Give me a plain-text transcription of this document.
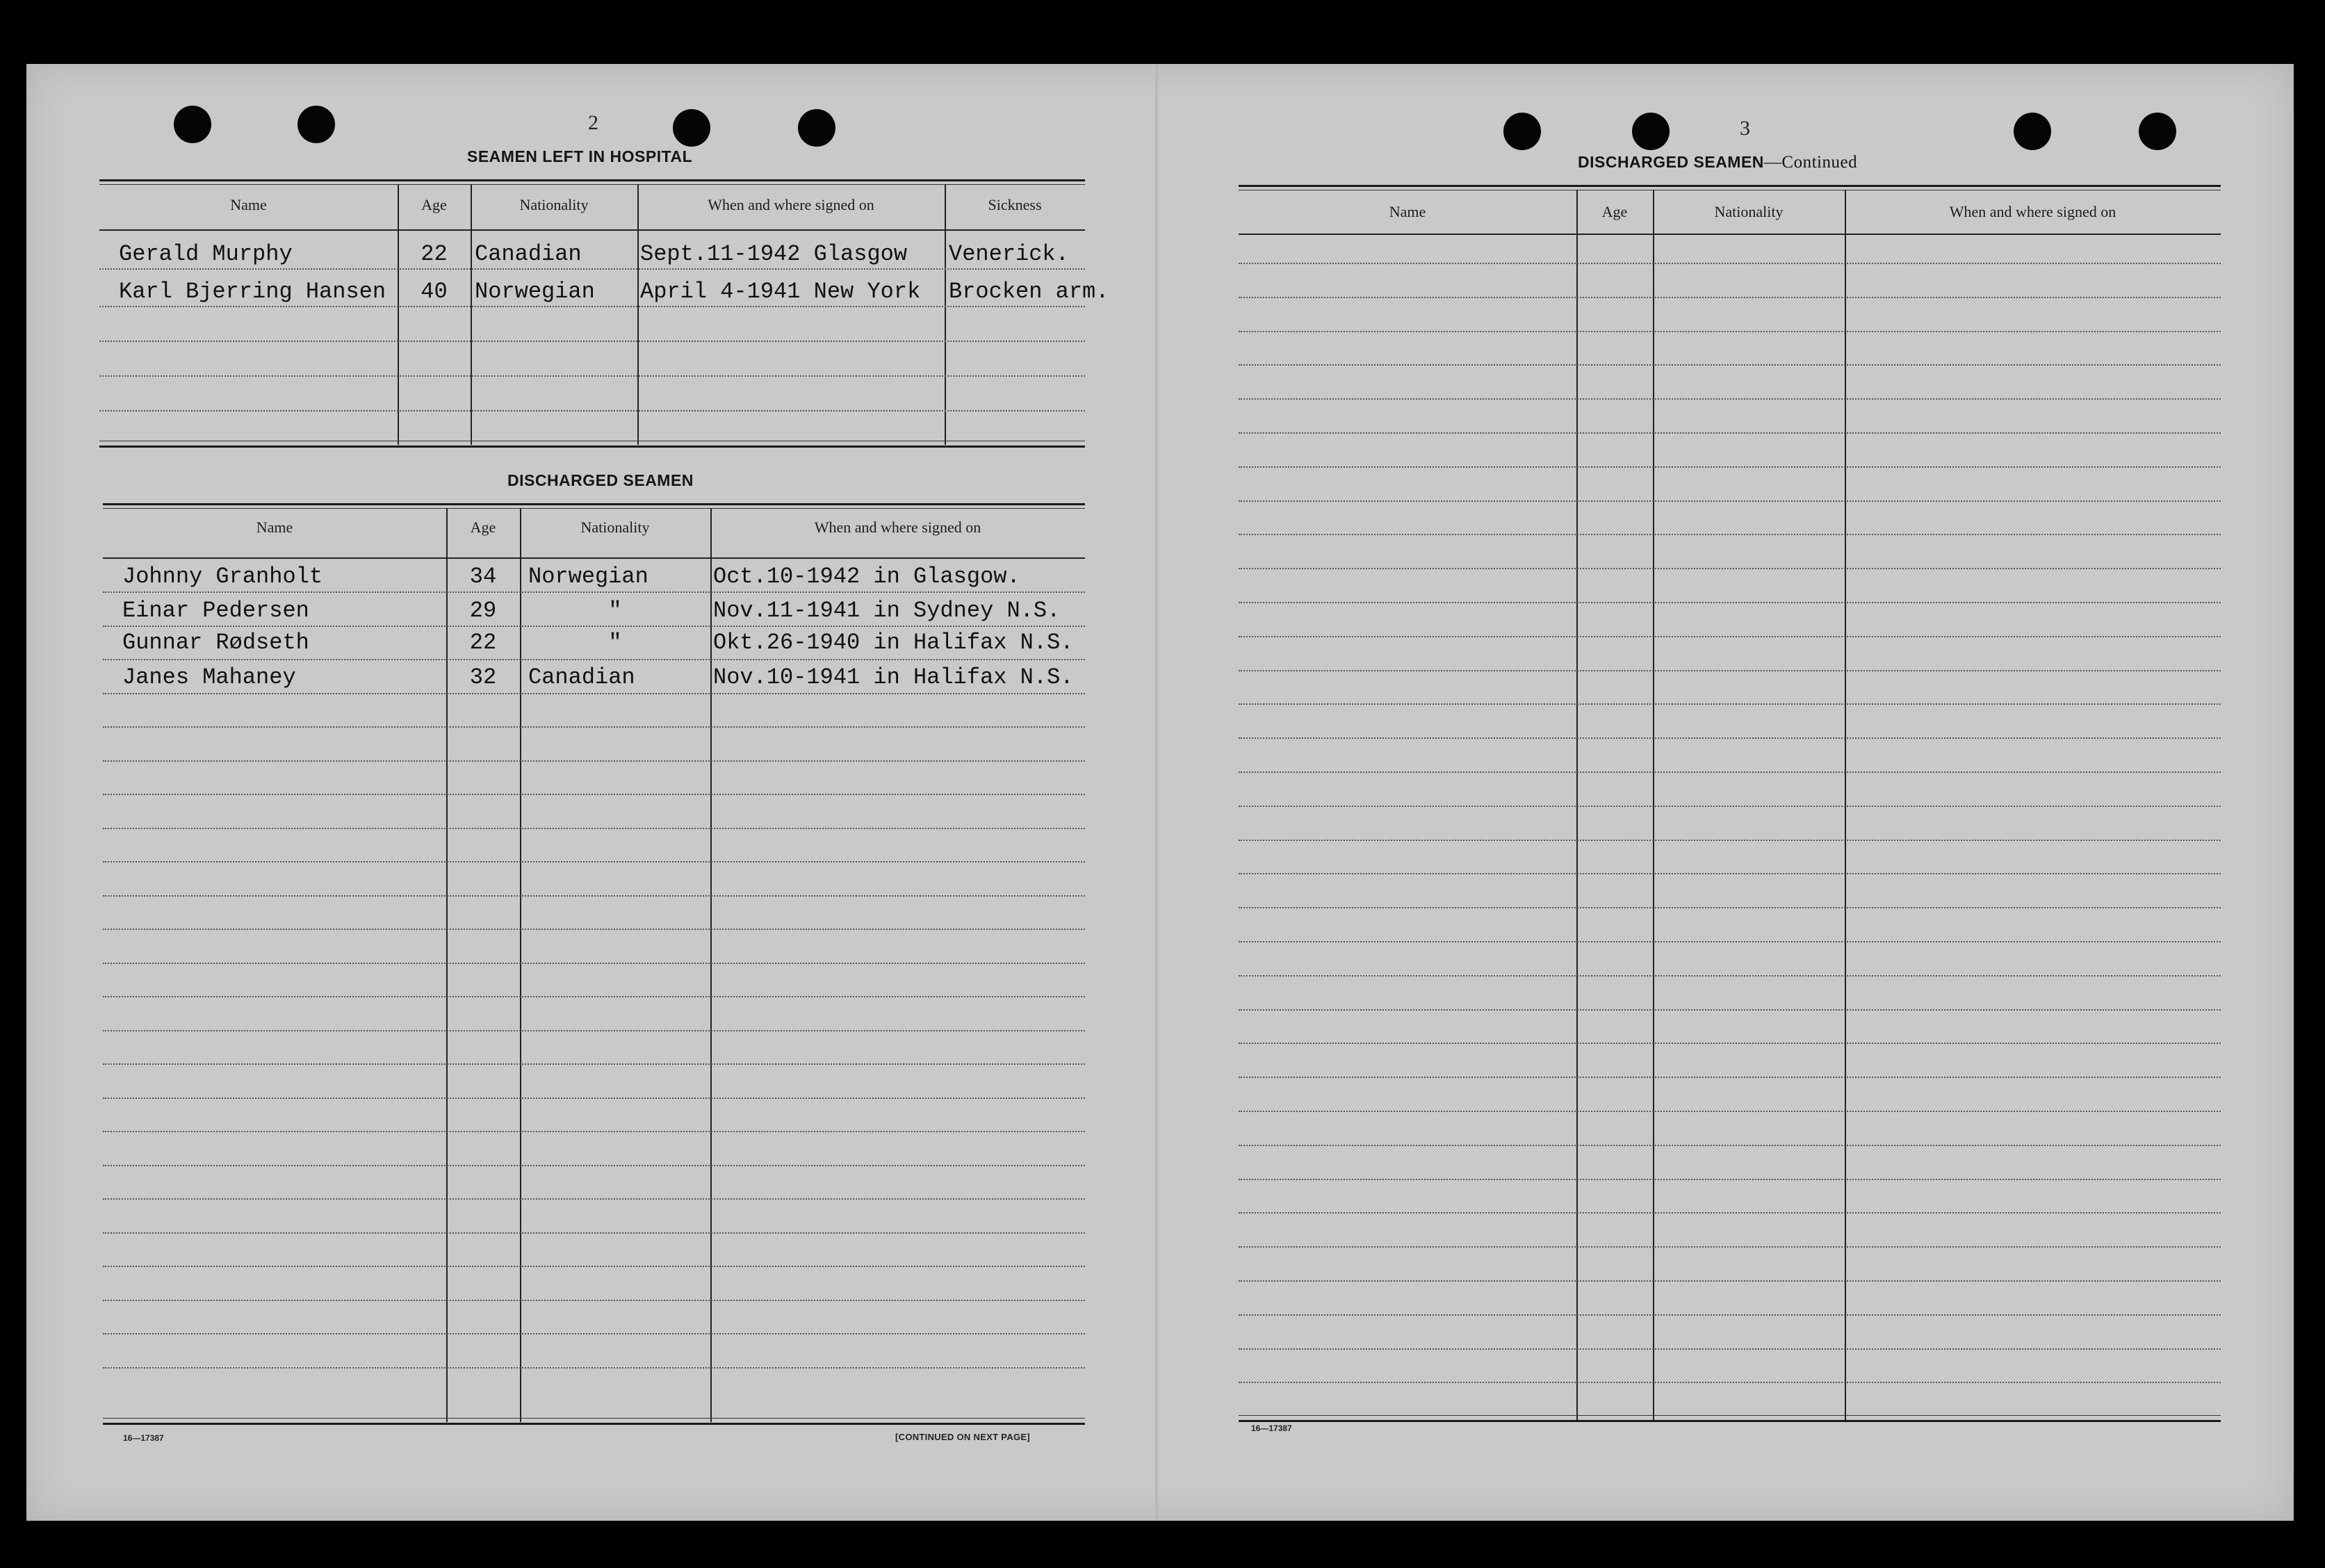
2
SEAMEN LEFT IN HOSPITAL
Name	Age	Nationality	When and where signed on	Sickness
Gerald Murphy	22	Canadian	Sept.11-1942 Glasgow	Venerick.
Karl Bjerring Hansen	40	Norwegian	April 4-1941 New York	Brocken arm.
DISCHARGED SEAMEN
Name	Age	Nationality	When and where signed on
Johnny Granholt	34	Norwegian	Oct.10-1942 in Glasgow.
Einar Pedersen	29	"	Nov.11-1941 in Sydney N.S.
Gunnar Rødseth	22	"	Okt.26-1940 in Halifax N.S.
Janes Mahaney	32	Canadian	Nov.10-1941 in Halifax N.S.
16—17387	[CONTINUED ON NEXT PAGE]
3
DISCHARGED SEAMEN—Continued
Name	Age	Nationality	When and where signed on
16—17387
